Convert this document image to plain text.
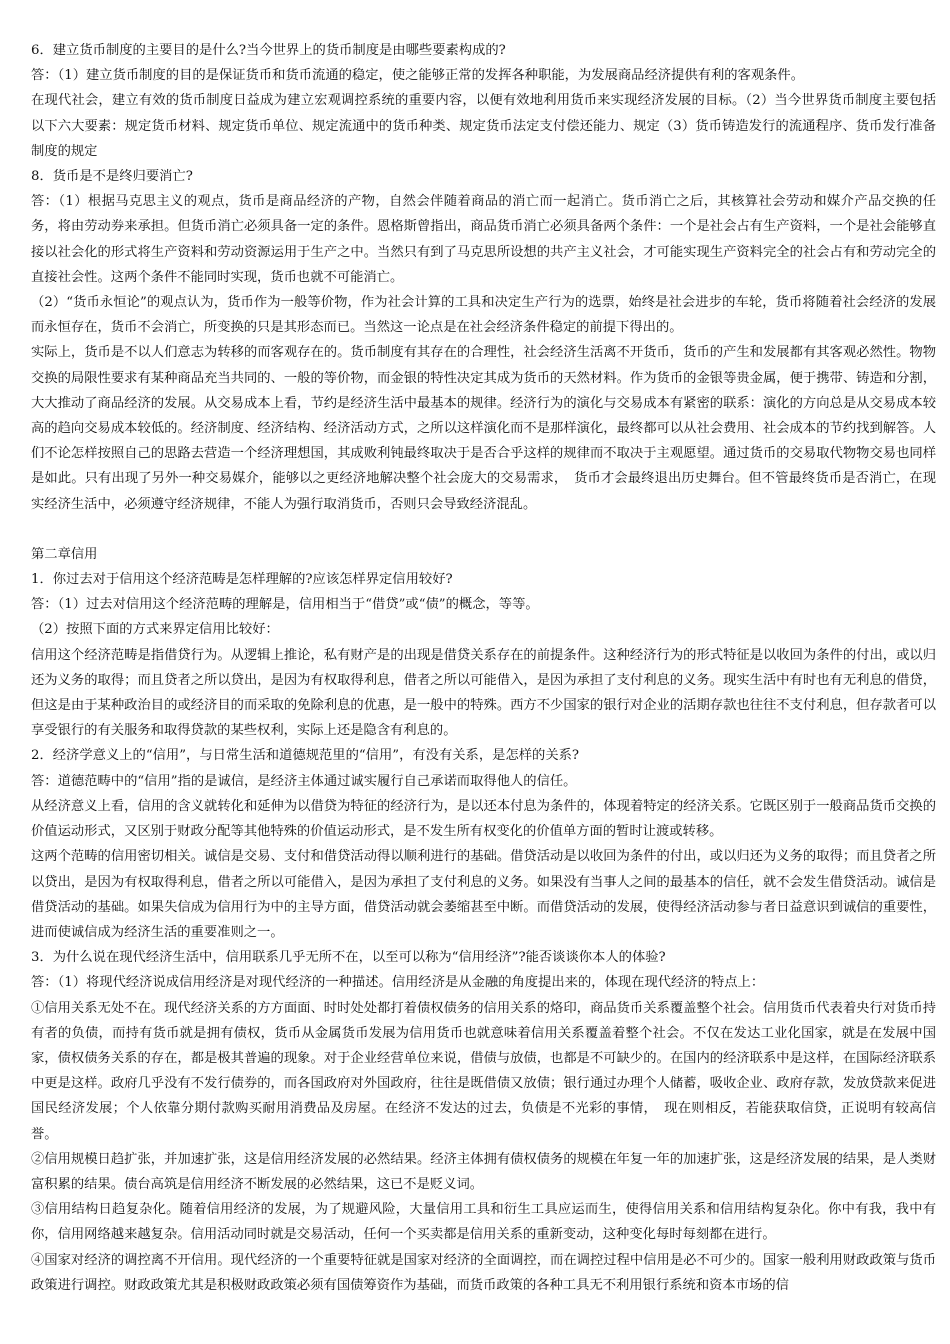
6．建立货币制度的主要目的是什么?当今世界上的货币制度是由哪些要素构成的?

答：（1）建立货币制度的目的是保证货币和货币流通的稳定，使之能够正常的发挥各种职能，为发展商品经济提供有利的客观条件。

在现代社会，建立有效的货币制度日益成为建立宏观调控系统的重要内容，以便有效地利用货币来实现经济发展的目标。（2）当今世界货币制度主要包括以下六大要素：规定货币材料、规定货币单位、规定流通中的货币种类、规定货币法定支付偿还能力、规定（3）货币铸造发行的流通程序、货币发行准备制度的规定

8．货币是不是终归要消亡?

答：（1）根据马克思主义的观点，货币是商品经济的产物，自然会伴随着商品的消亡而一起消亡。货币消亡之后，其核算社会劳动和媒介产品交换的任务，将由劳动券来承担。但货币消亡必须具备一定的条件。恩格斯曾指出，商品货币消亡必须具备两个条件：一个是社会占有生产资料，一个是社会能够直接以社会化的形式将生产资料和劳动资源运用于生产之中。当然只有到了马克思所设想的共产主义社会，才可能实现生产资料完全的社会占有和劳动完全的直接社会性。这两个条件不能同时实现，货币也就不可能消亡。

（2）“货币永恒论”的观点认为，货币作为一般等价物，作为社会计算的工具和决定生产行为的选票，始终是社会进步的车轮，货币将随着社会经济的发展而永恒存在，货币不会消亡，所变换的只是其形态而已。当然这一论点是在社会经济条件稳定的前提下得出的。

实际上，货币是不以人们意志为转移的而客观存在的。货币制度有其存在的合理性，社会经济生活离不开货币，货币的产生和发展都有其客观必然性。物物交换的局限性要求有某种商品充当共同的、一般的等价物，而金银的特性决定其成为货币的天然材料。作为货币的金银等贵金属，便于携带、铸造和分割，大大推动了商品经济的发展。从交易成本上看，节约是经济生活中最基本的规律。经济行为的演化与交易成本有紧密的联系：演化的方向总是从交易成本较高的趋向交易成本较低的。经济制度、经济结构、经济活动方式，之所以这样演化而不是那样演化，最终都可以从社会费用、社会成本的节约找到解答。人们不论怎样按照自己的思路去营造一个经济理想国，其成败利钝最终取决于是否合乎这样的规律而不取决于主观愿望。通过货币的交易取代物物交易也同样是如此。只有出现了另外一种交易媒介，能够以之更经济地解决整个社会庞大的交易需求，　货币才会最终退出历史舞台。但不管最终货币是否消亡，在现实经济生活中，必须遵守经济规律，不能人为强行取消货币，否则只会导致经济混乱。

第二章信用

1．你过去对于信用这个经济范畴是怎样理解的?应该怎样界定信用较好?

答：（1）过去对信用这个经济范畴的理解是，信用相当于“借贷”或“债”的概念，等等。

（2）按照下面的方式来界定信用比较好：

信用这个经济范畴是指借贷行为。从逻辑上推论，私有财产是的出现是借贷关系存在的前提条件。这种经济行为的形式特征是以收回为条件的付出，或以归还为义务的取得；而且贷者之所以贷出，是因为有权取得利息，借者之所以可能借入，是因为承担了支付利息的义务。现实生活中有时也有无利息的借贷，但这是由于某种政治目的或经济目的而采取的免除利息的优惠，是一般中的特殊。西方不少国家的银行对企业的活期存款也往往不支付利息，但存款者可以享受银行的有关服务和取得贷款的某些权利，实际上还是隐含有利息的。

2．经济学意义上的“信用”，与日常生活和道德规范里的“信用”，有没有关系，是怎样的关系?

答：道德范畴中的“信用”指的是诚信，是经济主体通过诚实履行自己承诺而取得他人的信任。

从经济意义上看，信用的含义就转化和延伸为以借贷为特征的经济行为，是以还本付息为条件的，体现着特定的经济关系。它既区别于一般商品货币交换的价值运动形式，又区别于财政分配等其他特殊的价值运动形式，是不发生所有权变化的价值单方面的暂时让渡或转移。

这两个范畴的信用密切相关。诚信是交易、支付和借贷活动得以顺利进行的基础。借贷活动是以收回为条件的付出，或以归还为义务的取得；而且贷者之所以贷出，是因为有权取得利息，借者之所以可能借入，是因为承担了支付利息的义务。如果没有当事人之间的最基本的信任，就不会发生借贷活动。诚信是借贷活动的基础。如果失信成为信用行为中的主导方面，借贷活动就会萎缩甚至中断。而借贷活动的发展，使得经济活动参与者日益意识到诚信的重要性，进而使诚信成为经济生活的重要准则之一。

3．为什么说在现代经济生活中，信用联系几乎无所不在，以至可以称为“信用经济”?能否谈谈你本人的体验?

答：（1）将现代经济说成信用经济是对现代经济的一种描述。信用经济是从金融的角度提出来的，体现在现代经济的特点上：

①信用关系无处不在。现代经济关系的方方面面、时时处处都打着债权债务的信用关系的烙印，商品货币关系覆盖整个社会。信用货币代表着央行对货币持有者的负债，而持有货币就是拥有债权，货币从金属货币发展为信用货币也就意味着信用关系覆盖着整个社会。不仅在发达工业化国家，就是在发展中国家，债权债务关系的存在，都是极其普遍的现象。对于企业经营单位来说，借债与放债，也都是不可缺少的。在国内的经济联系中是这样，在国际经济联系中更是这样。政府几乎没有不发行债券的，而各国政府对外国政府，往往是既借债又放债；银行通过办理个人储蓄，吸收企业、政府存款，发放贷款来促进国民经济发展；个人依靠分期付款购买耐用消费品及房屋。在经济不发达的过去，负债是不光彩的事情，　现在则相反，若能获取信贷，正说明有较高信誉。

②信用规模日趋扩张，并加速扩张，这是信用经济发展的必然结果。经济主体拥有债权债务的规模在年复一年的加速扩张，这是经济发展的结果，是人类财富积累的结果。债台高筑是信用经济不断发展的必然结果，这已不是贬义词。

③信用结构日趋复杂化。随着信用经济的发展，为了规避风险，大量信用工具和衍生工具应运而生，使得信用关系和信用结构复杂化。你中有我，我中有你，信用网络越来越复杂。信用活动同时就是交易活动，任何一个买卖都是信用关系的重新变动，这种变化每时每刻都在进行。

④国家对经济的调控离不开信用。现代经济的一个重要特征就是国家对经济的全面调控，而在调控过程中信用是必不可少的。国家一般利用财政政策与货币政策进行调控。财政政策尤其是积极财政政策必须有国债筹资作为基础，而货币政策的各种工具无不利用银行系统和资本市场的信
